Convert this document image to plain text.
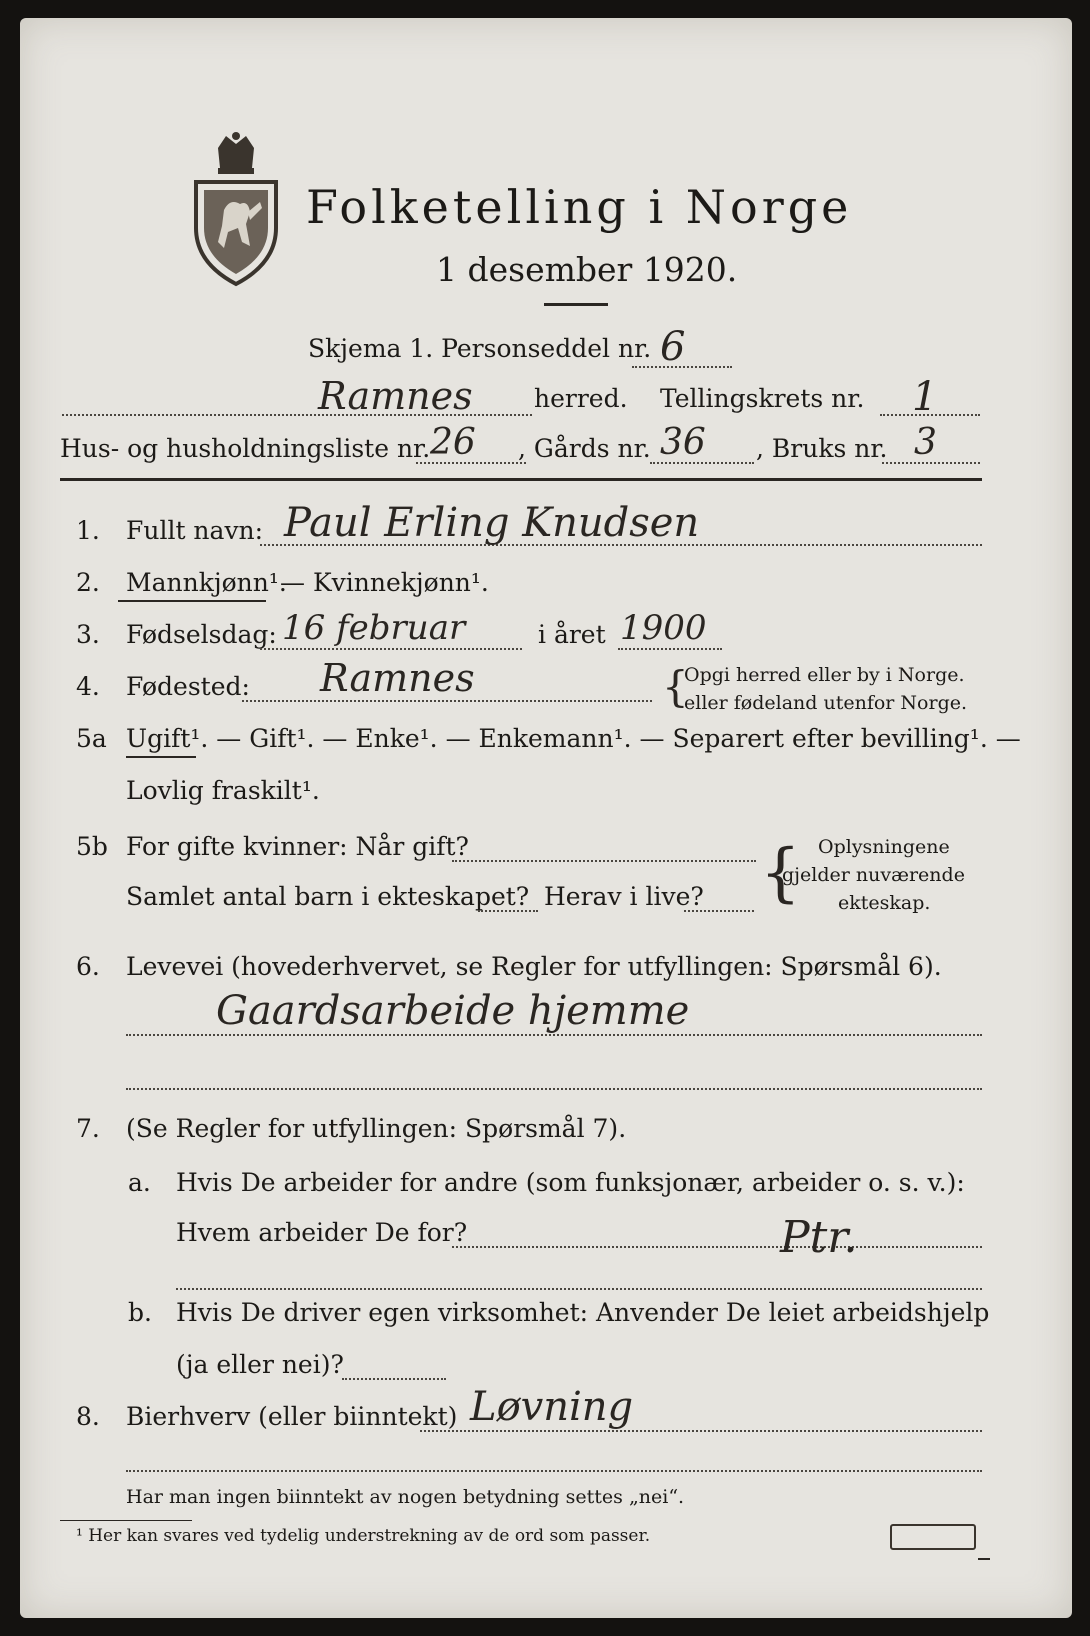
Folketelling i Norge
1 desember 1920.
Skjema 1. Personseddel nr. 6
Ramnes herred. Tellingskrets nr. 1
Hus- og husholdningsliste nr. 26 , Gårds nr. 36 , Bruks nr. 3
1. Fullt navn: Paul Erling Knudsen
2. Mannkjønn¹.
— Kvinnekjønn¹.
3. Fødselsdag: 16 februar	i året 1900
4. Fødested: Ramnes	{
Opgi herred eller by i Norge.
eller fødeland utenfor Norge.
5a Ugift¹. — Gift¹. — Enke¹. — Enkemann¹. — Separert efter bevilling¹. —
Lovlig fraskilt¹.
5b For gifte kvinner: Når gift?
Samlet antal barn i ekteskapet? Herav i live? { Oplysningene
gjelder nuværende
ekteskap.
6. Levevei (hovederhvervet, se Regler for utfyllingen: Spørsmål 6).
Gaardsarbeide hjemme
7. (Se Regler for utfyllingen: Spørsmål 7).
a. Hvis De arbeider for andre (som funksjonær, arbeider o. s. v.):
Hvem arbeider De for?	Ptr.
b. Hvis De driver egen virksomhet: Anvender De leiet arbeidshjelp
(ja eller nei)?
8. Bierhverv (eller biinntekt) Løvning
Har man ingen biinntekt av nogen betydning settes „nei“.
¹ Her kan svares ved tydelig understrekning av de ord som passer.
